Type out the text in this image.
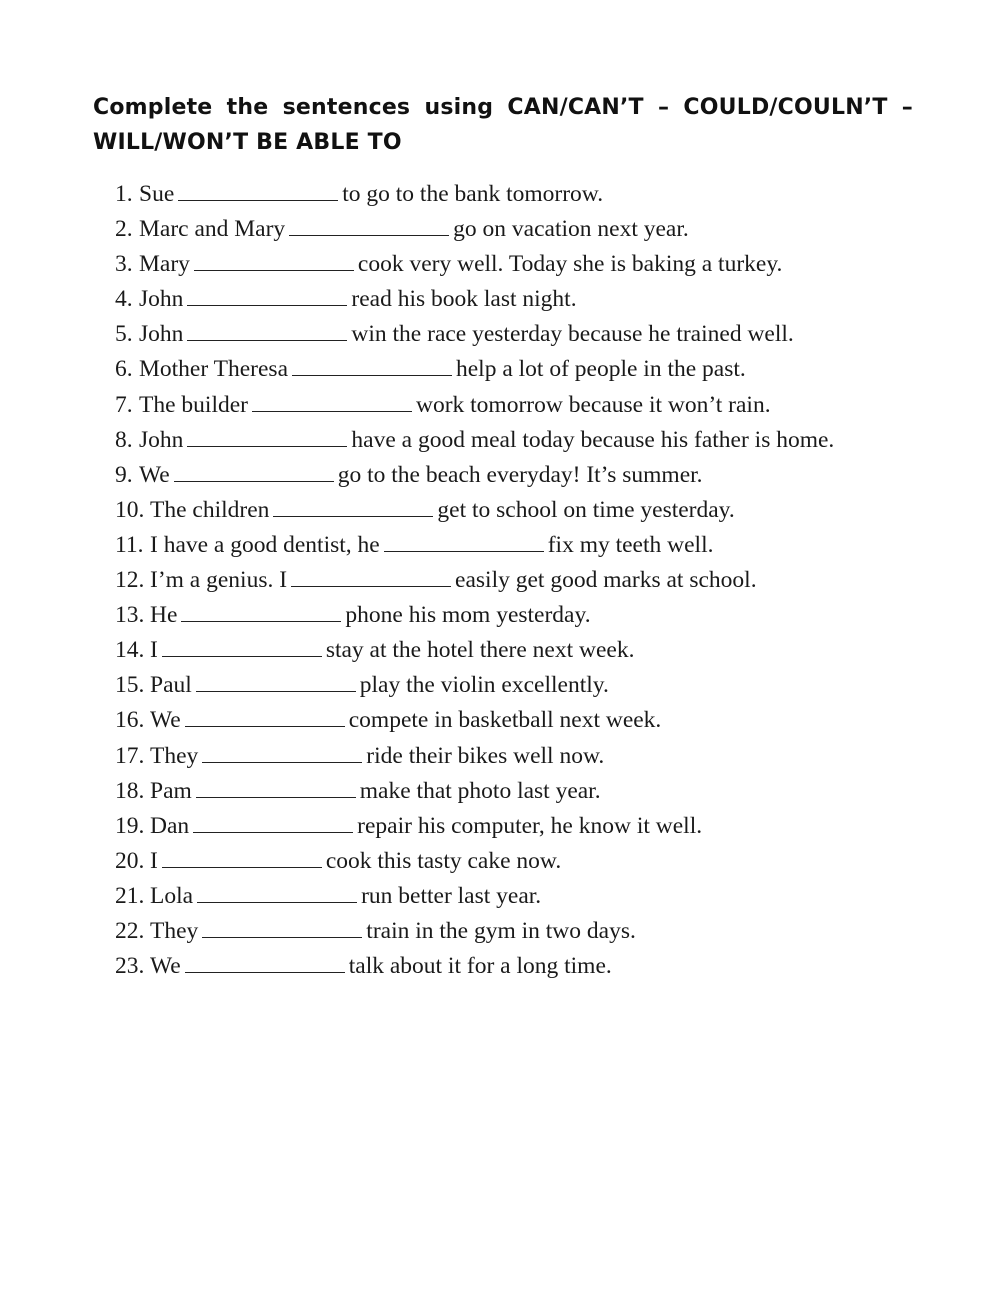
Complete the sentences using CAN/CAN’T – COULD/COULN’T – WILL/WON’T BE ABLE TO
1. Sue	to go to the bank tomorrow.
2. Marc and Mary	go on vacation next year.
3. Mary	cook very well. Today she is baking a turkey.
4. John	read his book last night.
5. John	win the race yesterday because he trained well.
6. Mother Theresa	help a lot of people in the past.
7. The builder	work tomorrow because it won’t rain.
8. John	have a good meal today because his father is home.
9. We	go to the beach everyday! It’s summer.
10. The children	get to school on time yesterday.
11. I have a good dentist, he	fix my teeth well.
12. I’m a genius. I	easily get good marks at school.
13. He	phone his mom yesterday.
14. I	stay at the hotel there next week.
15. Paul	play the violin excellently.
16. We	compete in basketball next week.
17. They	ride their bikes well now.
18. Pam	make that photo last year.
19. Dan	repair his computer, he know it well.
20. I	cook this tasty cake now.
21. Lola	run better last year.
22. They	train in the gym in two days.
23. We	talk about it for a long time.
